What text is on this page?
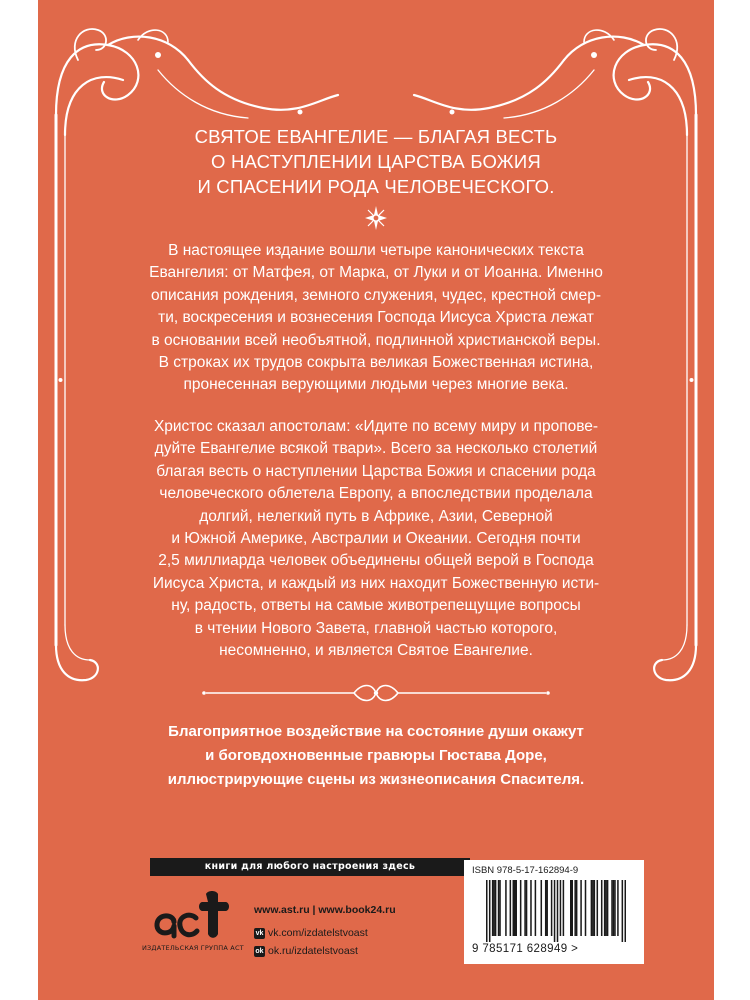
СВЯТОЕ ЕВАНГЕЛИЕ — БЛАГАЯ ВЕСТЬ
О НАСТУПЛЕНИИ ЦАРСТВА БОЖИЯ
И СПАСЕНИИ РОДА ЧЕЛОВЕЧЕСКОГО.
В настоящее издание вошли четыре канонических текста
Евангелия: от Матфея, от Марка, от Луки и от Иоанна. Именно
описания рождения, земного служения, чудес, крестной смер-
ти, воскресения и вознесения Господа Иисуса Христа лежат
в основании всей необъятной, подлинной христианской веры.
В строках их трудов сокрыта великая Божественная истина,
пронесенная верующими людьми через многие века.
Христос сказал апостолам: «Идите по всему миру и пропове-
дуйте Евангелие всякой твари». Всего за несколько столетий
благая весть о наступлении Царства Божия и спасении рода
человеческого облетела Европу, а впоследствии проделала
долгий, нелегкий путь в Африке, Азии, Северной
и Южной Америке, Австралии и Океании. Сегодня почти
2,5 миллиарда человек объединены общей верой в Господа
Иисуса Христа, и каждый из них находит Божественную исти-
ну, радость, ответы на самые животрепещущие вопросы
в чтении Нового Завета, главной частью которого,
несомненно, и является Святое Евангелие.
Благоприятное воздействие на состояние души окажут
и боговдохновенные гравюры Гюстава Доре,
иллюстрирующие сцены из жизнеописания Спасителя.
книги для любого настроения здесь
ИЗДАТЕЛЬСКАЯ ГРУППА АСТ
www.ast.ru | www.book24.ru
vk vk.com/izdatelstvoast
ok ok.ru/izdatelstvoast
ISBN 978-5-17-162894-9
9 785171 628949 >
